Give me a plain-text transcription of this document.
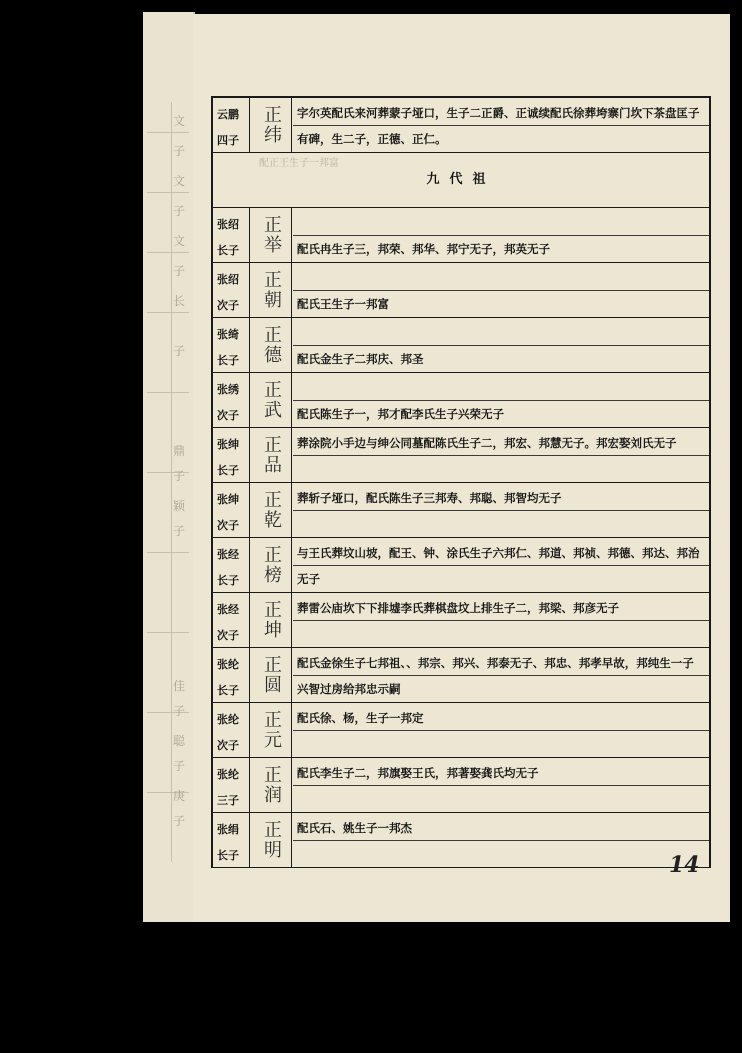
文
子
文
子
文
子
长
子
鼎
子
颖
子
佳
子
聪
子
庚
子
云鹏
四子	正纬	字尔英配氏来河葬蒙子垭口，生子二正爵、正诚续配氏徐葬垮寨门坎下茶盘匡子
有碑，生二子，正德、正仁。
配正王生子一邦富
九代祖
张绍
长子	正举	配氏冉生子三，邦荣、邦华、邦宁无子，邦英无子
张绍
次子	正朝	配氏王生子一邦富
张绮
长子	正德	配氏金生子二邦庆、邦圣
张绣
次子	正武	配氏陈生子一，邦才配李氏生子兴荣无子
张绅
长子	正品	葬涂院小手边与绅公同墓配陈氏生子二，邦宏、邦慧无子。邦宏娶刘氏无子
张绅
次子	正乾	葬斩子垭口，配氏陈生子三邦寿、邦聪、邦智均无子
张经
长子	正榜	与王氏葬坟山坡，配王、钟、涂氏生子六邦仁、邦道、邦祯、邦德、邦达、邦治
无子
张经
次子	正坤	葬雷公庙坎下下排墟李氏葬棋盘坟上排生子二，邦梁、邦彦无子
张纶
长子	正圆	配氏金徐生子七邦祖、、邦宗、邦兴、邦泰无子、邦忠、邦孝早故，邦纯生一子
兴智过房给邦忠示嗣
张纶
次子	正元	配氏徐、杨，生子一邦定
张纶
三子	正润	配氏李生子二，邦旗娶王氏，邦著娶龚氏均无子
张绢
长子	正明	配氏石、姚生子一邦杰
14
